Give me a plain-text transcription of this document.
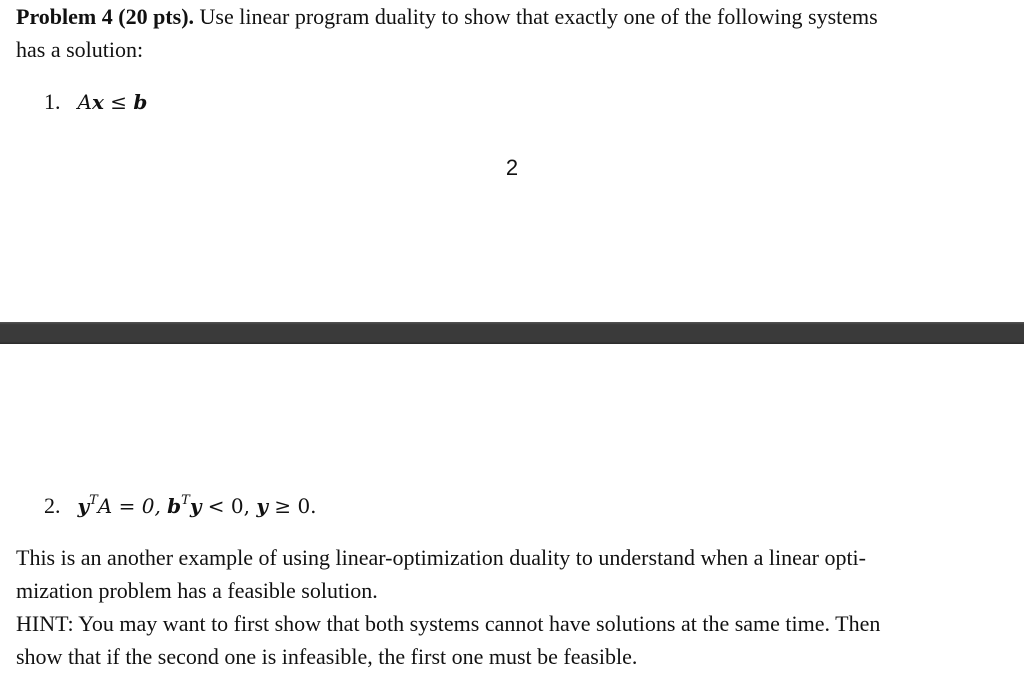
Problem 4 (20 pts). Use linear program duality to show that exactly one of the following systems
has a solution:
1. Ax ≤ b
2
2. $y^TA = 0$, $b^Ty < 0$, y ≥ 0.
This is an another example of using linear-optimization duality to understand when a linear opti-
mization problem has a feasible solution.
HINT: You may want to first show that both systems cannot have solutions at the same time. Then
show that if the second one is infeasible, the first one must be feasible.
